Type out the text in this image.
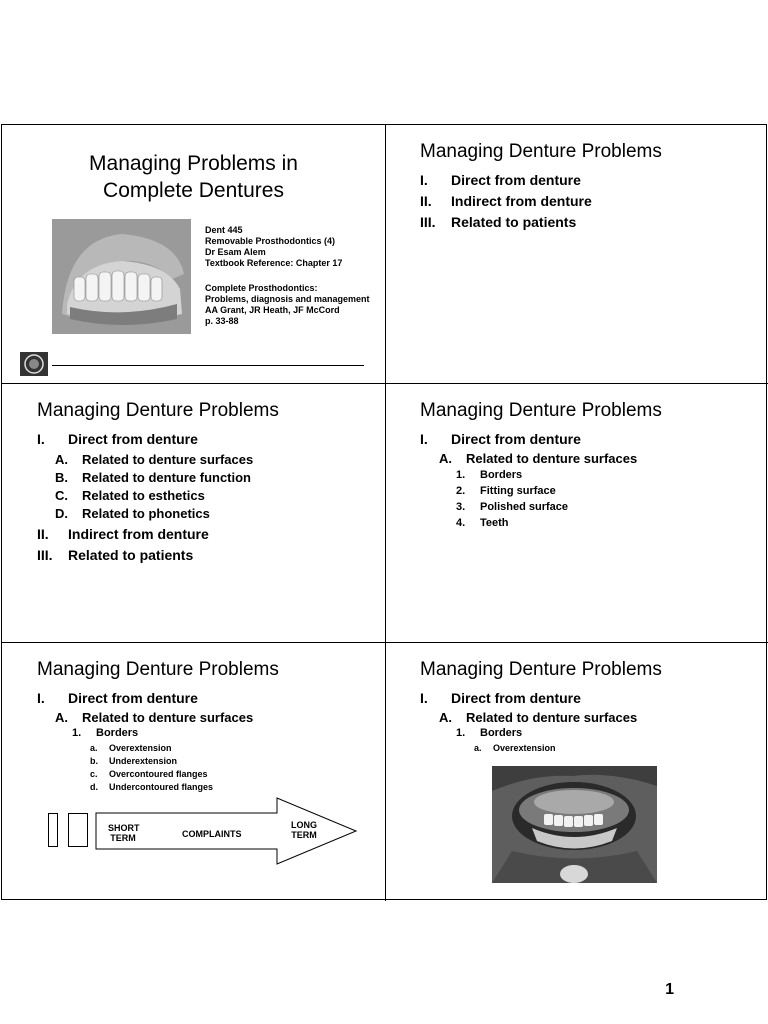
Managing Problems in
Complete Dentures
Dent 445
Removable Prosthodontics (4)
Dr Esam Alem
Textbook Reference: Chapter 17
Complete Prosthodontics:
Problems, diagnosis and management
AA Grant, JR Heath, JF McCord
p. 33-88
Managing Denture Problems
I. Direct from denture
II. Indirect from denture
III. Related to patients
Managing Denture Problems
I. Direct from denture
A. Related to denture surfaces
B. Related to denture function
C. Related to esthetics
D. Related to phonetics
II. Indirect from denture
III. Related to patients
Managing Denture Problems
I. Direct from denture
A. Related to denture surfaces
1. Borders
2. Fitting surface
3. Polished surface
4. Teeth
Managing Denture Problems
I. Direct from denture
A. Related to denture surfaces
1. Borders
a. Overextension
b. Underextension
c. Overcontoured flanges
d. Undercontoured flanges
SHORT
TERM	COMPLAINTS
LONG
TERM
Managing Denture Problems
I. Direct from denture
A. Related to denture surfaces
1. Borders
a. Overextension
1
